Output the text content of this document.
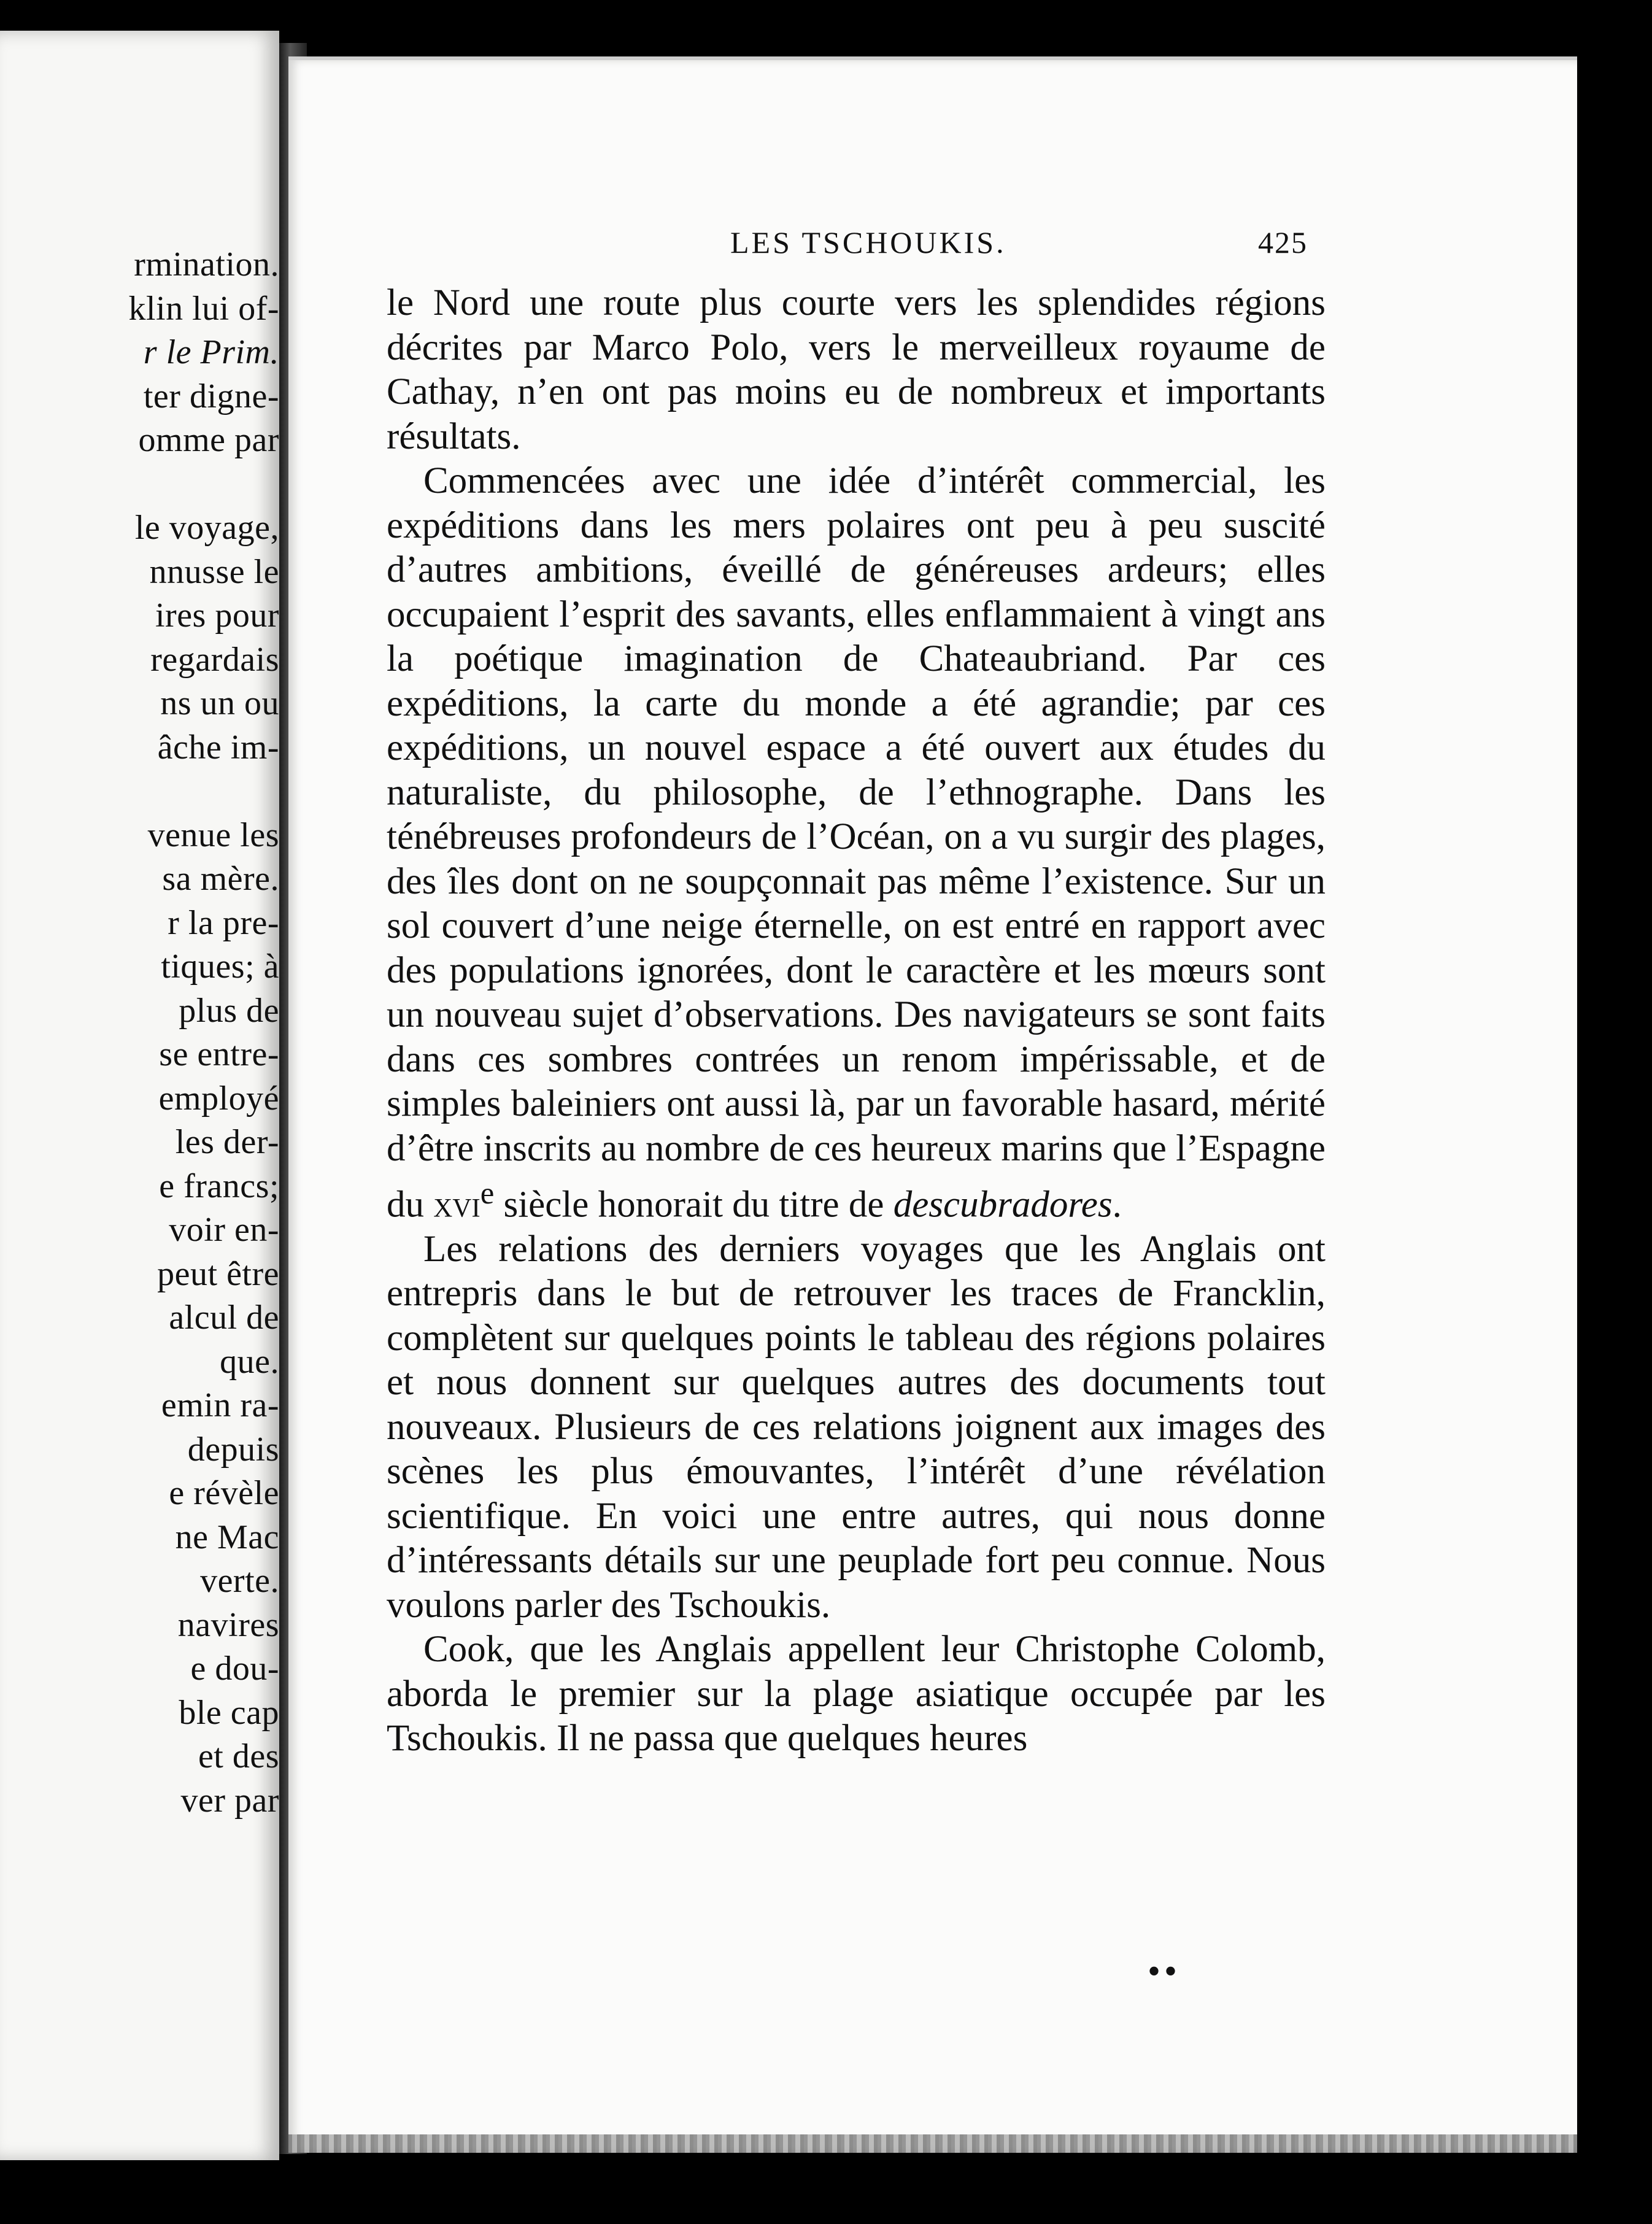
rmination.
klin lui of-
r le Prim.
ter digne-
omme par
le voyage,
nnusse le
ires pour
regardais
ns un ou
âche im-
venue les
sa mère.
r la pre-
tiques; à
plus de
se entre-
employé
les der-
e francs;
voir en-
peut être
alcul de
que.
emin ra-
depuis
e révèle
ne Mac
verte.
navires
e dou-
ble cap
et des
ver par
LES TSCHOUKIS.	425

le Nord une route plus courte vers les splendides régions décrites par Marco Polo, vers le merveilleux royaume de Cathay, n’en ont pas moins eu de nombreux et importants résultats.

Commencées avec une idée d’intérêt commercial, les expéditions dans les mers polaires ont peu à peu suscité d’autres ambitions, éveillé de généreuses ardeurs; elles occupaient l’esprit des savants, elles enflammaient à vingt ans la poétique imagination de Chateaubriand. Par ces expéditions, la carte du monde a été agrandie; par ces expéditions, un nouvel espace a été ouvert aux études du naturaliste, du philosophe, de l’ethnographe. Dans les ténébreuses profondeurs de l’Océan, on a vu surgir des plages, des îles dont on ne soupçonnait pas même l’existence. Sur un sol couvert d’une neige éternelle, on est entré en rapport avec des populations ignorées, dont le caractère et les mœurs sont un nouveau sujet d’observations. Des navigateurs se sont faits dans ces sombres contrées un renom impérissable, et de simples baleiniers ont aussi là, par un favorable hasard, mérité d’être inscrits au nombre de ces heureux marins que l’Espagne du xvi$^e$ siècle honorait du titre de descubradores.

Les relations des derniers voyages que les Anglais ont entrepris dans le but de retrouver les traces de Francklin, complètent sur quelques points le tableau des régions polaires et nous donnent sur quelques autres des documents tout nouveaux. Plusieurs de ces relations joignent aux images des scènes les plus émouvantes, l’intérêt d’une révélation scientifique. En voici une entre autres, qui nous donne d’intéressants détails sur une peuplade fort peu connue. Nous voulons parler des Tschoukis.

Cook, que les Anglais appellent leur Christophe Colomb, aborda le premier sur la plage asiatique occupée par les Tschoukis. Il ne passa que quelques heures

••
